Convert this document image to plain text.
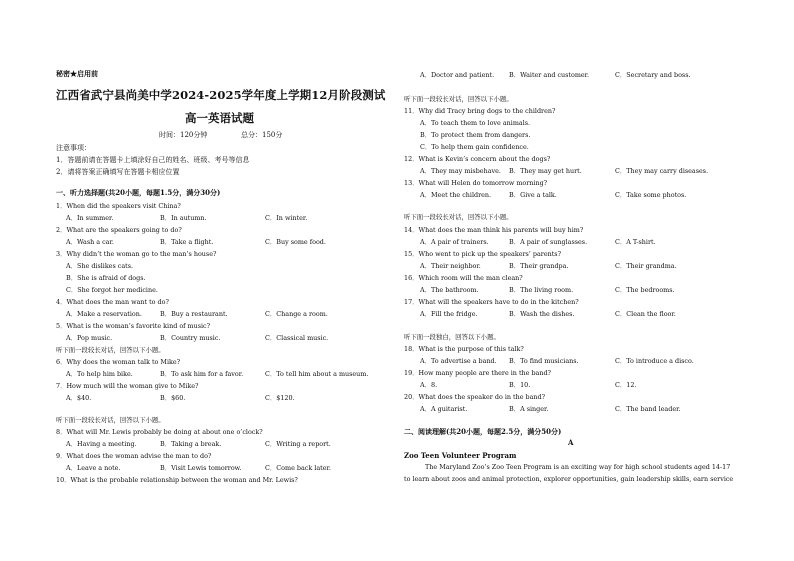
秘密★启用前
江西省武宁县尚美中学2024-2025学年度上学期12月阶段测试
高一英语试题
时间：120分钟	总分：150分
注意事项：
1．答题前请在答题卡上填涂好自己的姓名、班级、考号等信息
2．请将答案正确填写在答题卡相应位置
一、听力选择题(共20小题，每题1.5分，满分30分)
1．When did the speakers visit China?
A．In summer.	B．In autumn.	C．In winter.
2．What are the speakers going to do?
A．Wash a car.	B．Take a flight.	C．Buy some food.
3．Why didn’t the woman go to the man’s house?
A．She dislikes cats.
B．She is afraid of dogs.
C．She forgot her medicine.
4．What does the man want to do?
A．Make a reservation.	B．Buy a restaurant.	C．Change a room.
5．What is the woman’s favorite kind of music?
A．Pop music.	B．Country music.	C．Classical music.
听下面一段较长对话，回答以下小题。
6．Why does the woman talk to Mike?
A．To help him bike.	B．To ask him for a favor.	C．To tell him about a museum.
7．How much will the woman give to Mike?
A．$40.	B．$60.	C．$120.
听下面一段较长对话，回答以下小题。
8．What will Mr. Lewis probably be doing at about one o’clock?
A．Having a meeting.	B．Taking a break.	C．Writing a report.
9．What does the woman advise the man to do?
A．Leave a note.	B．Visit Lewis tomorrow.	C．Come back later.
10．What is the probable relationship between the woman and Mr. Lewis?
A．Doctor and patient. B．Waiter and customer.	C．Secretary and boss.
听下面一段较长对话，回答以下小题。
11．Why did Tracy bring dogs to the children?
A．To teach them to love animals.
B．To protect them from dangers.
C．To help them gain confidence.
12．What is Kevin’s concern about the dogs?
A．They may misbehave. B．They may get hurt.	C．They may carry diseases.
13．What will Helen do tomorrow morning?
A．Meet the children.	B．Give a talk.	C．Take some photos.
听下面一段较长对话，回答以下小题。
14．What does the man think his parents will buy him?
A．A pair of trainers.	B．A pair of sunglasses.	C．A T-shirt.
15．Who went to pick up the speakers’ parents?
A．Their neighbor.	B．Their grandpa.	C．Their grandma.
16．Which room will the man clean?
A．The bathroom.	B．The living room.	C．The bedrooms.
17．What will the speakers have to do in the kitchen?
A．Fill the fridge.	B．Wash the dishes.	C．Clean the floor.
听下面一段独白，回答以下小题。
18．What is the purpose of this talk?
A．To advertise a band. B．To find musicians.	C．To introduce a disco.
19．How many people are there in the band?
A．8.	B．10.	C．12.
20．What does the speaker do in the band?
A．A guitarist.	B．A singer.	C．The band leader.
二、阅读理解(共20小题，每题2.5分，满分50分)
A
Zoo Teen Volunteer Program
The Maryland Zoo’s Zoo Teen Program is an exciting way for high school students aged 14-17
to learn about zoos and animal protection, explorer opportunities, gain leadership skills, earn service
